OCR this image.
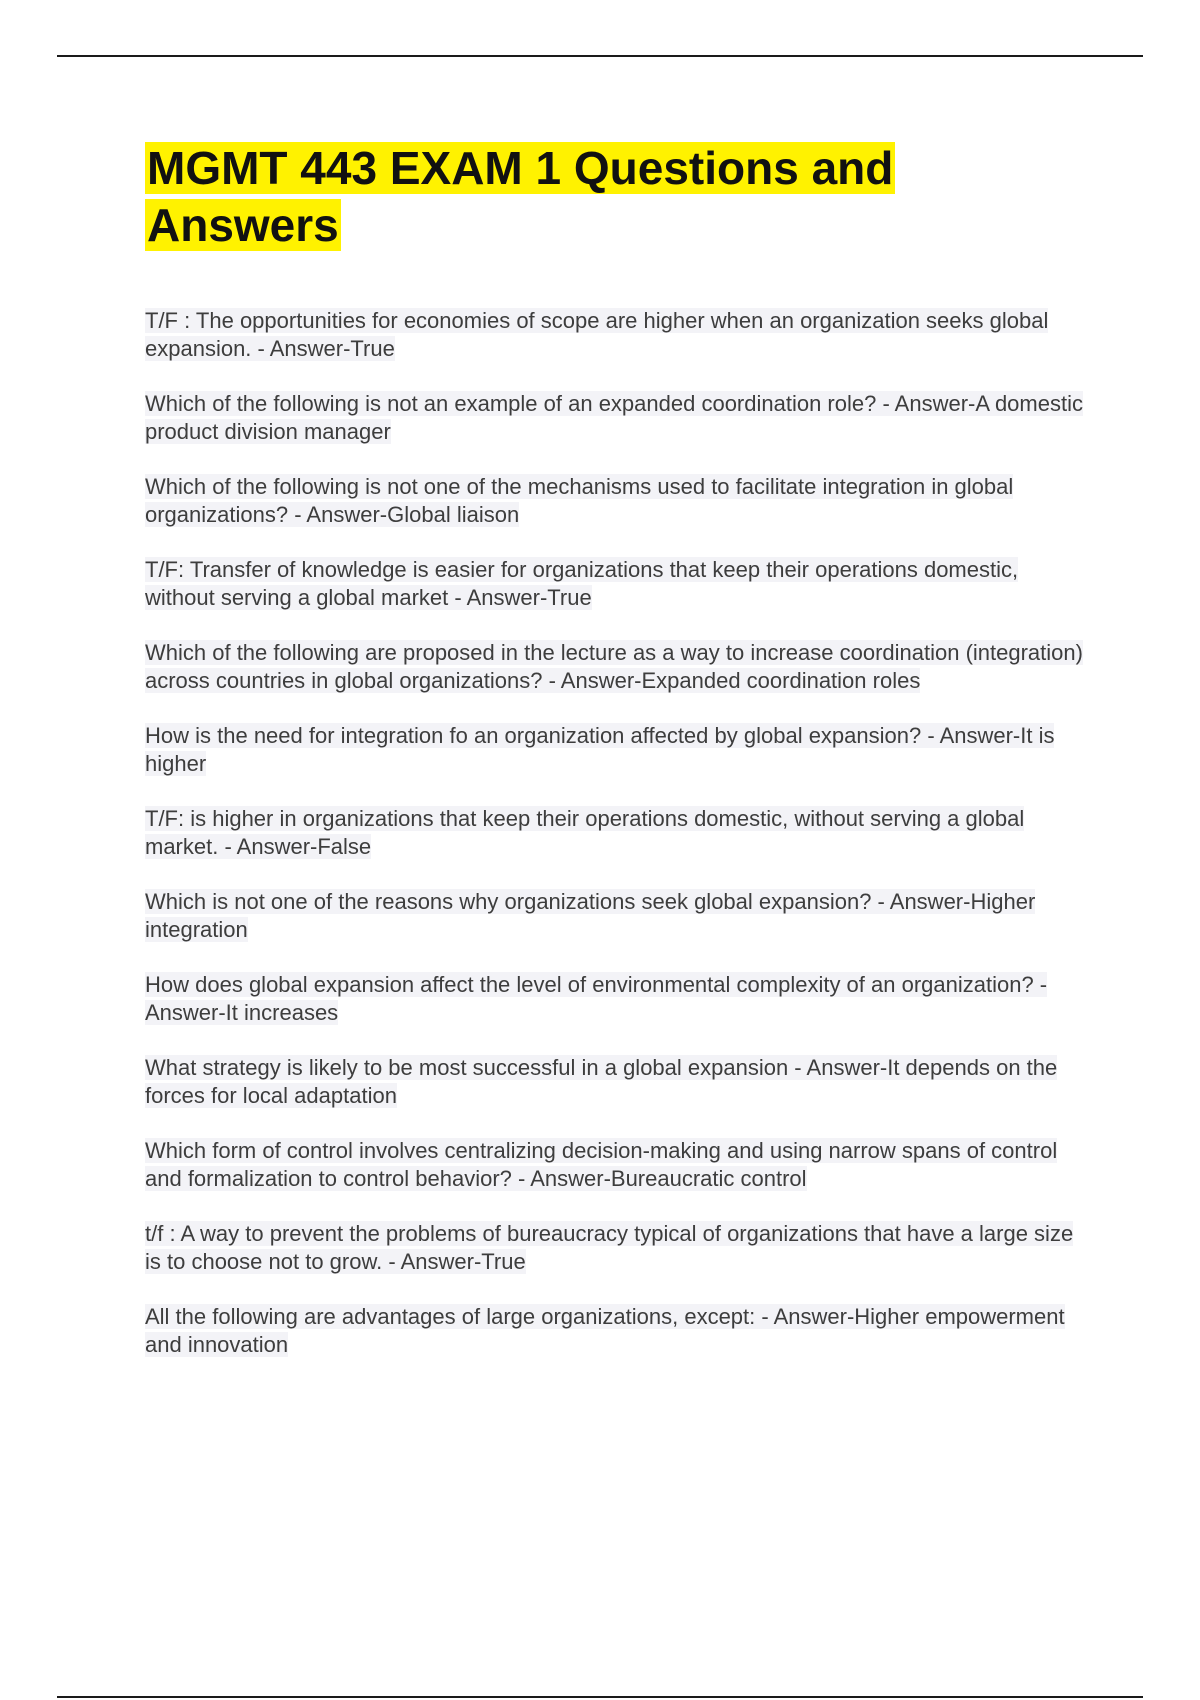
MGMT 443 EXAM 1 Questions and Answers
T/F : The opportunities for economies of scope are higher when an organization seeks global expansion. - Answer-True
Which of the following is not an example of an expanded coordination role? - Answer-A domestic product division manager
Which of the following is not one of the mechanisms used to facilitate integration in global organizations? - Answer-Global liaison
T/F: Transfer of knowledge is easier for organizations that keep their operations domestic, without serving a global market - Answer-True
Which of the following are proposed in the lecture as a way to increase coordination (integration) across countries in global organizations? - Answer-Expanded coordination roles
How is the need for integration fo an organization affected by global expansion? - Answer-It is higher
T/F: is higher in organizations that keep their operations domestic, without serving a global market. - Answer-False
Which is not one of the reasons why organizations seek global expansion? - Answer-Higher integration
How does global expansion affect the level of environmental complexity of an organization? - Answer-It increases
What strategy is likely to be most successful in a global expansion - Answer-It depends on the forces for local adaptation
Which form of control involves centralizing decision-making and using narrow spans of control and formalization to control behavior? - Answer-Bureaucratic control
t/f : A way to prevent the problems of bureaucracy typical of organizations that have a large size is to choose not to grow. - Answer-True
All the following are advantages of large organizations, except: - Answer-Higher empowerment and innovation
